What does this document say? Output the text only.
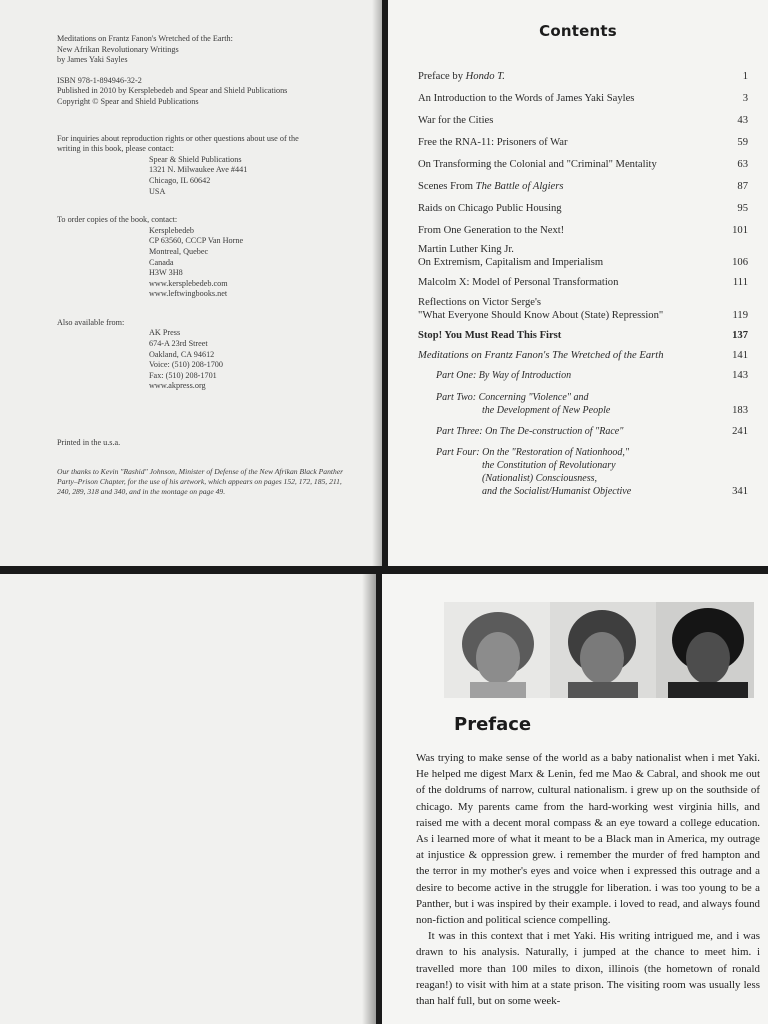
Meditations on Frantz Fanon's Wretched of the Earth:
New Afrikan Revolutionary Writings
by James Yaki Sayles
ISBN 978-1-894946-32-2
Published in 2010 by Kersplebedeb and Spear and Shield Publications
Copyright © Spear and Shield Publications
For inquiries about reproduction rights or other questions about use of the
writing in this book, please contact:
Spear & Shield Publications
1321 N. Milwaukee Ave #441
Chicago, IL 60642
USA
To order copies of the book, contact:
Kersplebedeb
CP 63560, CCCP Van Horne
Montreal, Quebec
Canada
H3W 3H8
www.kersplebedeb.com
www.leftwingbooks.net
Also available from:
AK Press
674-A 23rd Street
Oakland, CA 94612
Voice: (510) 208-1700
Fax: (510) 208-1701
www.akpress.org
Printed in the u.s.a.
Our thanks to Kevin "Rashid" Johnson, Minister of Defense of the New Afrikan Black Panther Party–Prison Chapter, for the use of his artwork, which appears on pages 152, 172, 185, 211, 240, 289, 318 and 340, and in the montage on page 49.
Contents
Preface by Hondo T.	1
An Introduction to the Words of James Yaki Sayles	3
War for the Cities	43
Free the RNA-11: Prisoners of War	59
On Transforming the Colonial and "Criminal" Mentality	63
Scenes From The Battle of Algiers	87
Raids on Chicago Public Housing	95
From One Generation to the Next!	101
Martin Luther King Jr.
On Extremism, Capitalism and Imperialism	106
Malcolm X: Model of Personal Transformation	111
Reflections on Victor Serge's
"What Everyone Should Know About (State) Repression"	119
Stop! You Must Read This First	137
Meditations on Frantz Fanon's The Wretched of the Earth	141
Part One: By Way of Introduction	143
Part Two: Concerning "Violence" and
the Development of New People	183
Part Three: On The De-construction of "Race"	241
Part Four: On the "Restoration of Nationhood,"
the Constitution of Revolutionary
(Nationalist) Consciousness,
and the Socialist/Humanist Objective	341
Preface

Was trying to make sense of the world as a baby nationalist when i met Yaki. He helped me digest Marx & Lenin, fed me Mao & Cabral, and shook me out of the doldrums of narrow, cultural nationalism. i grew up on the southside of chicago. My parents came from the hard-working west virginia hills, and raised me with a decent moral compass & an eye toward a college education. As i learned more of what it meant to be a Black man in America, my outrage at injustice & oppression grew. i remember the murder of fred hampton and the terror in my mother's eyes and voice when i expressed this outrage and a desire to become active in the struggle for liberation. i was too young to be a Panther, but i was inspired by their example. i loved to read, and always found non-fiction and political science compelling.

It was in this context that i met Yaki. His writing intrigued me, and i was drawn to his analysis. Naturally, i jumped at the chance to meet him. i travelled more than 100 miles to dixon, illinois (the hometown of ronald reagan!) to visit with him at a state prison. The visiting room was usually less than half full, but on some week-
